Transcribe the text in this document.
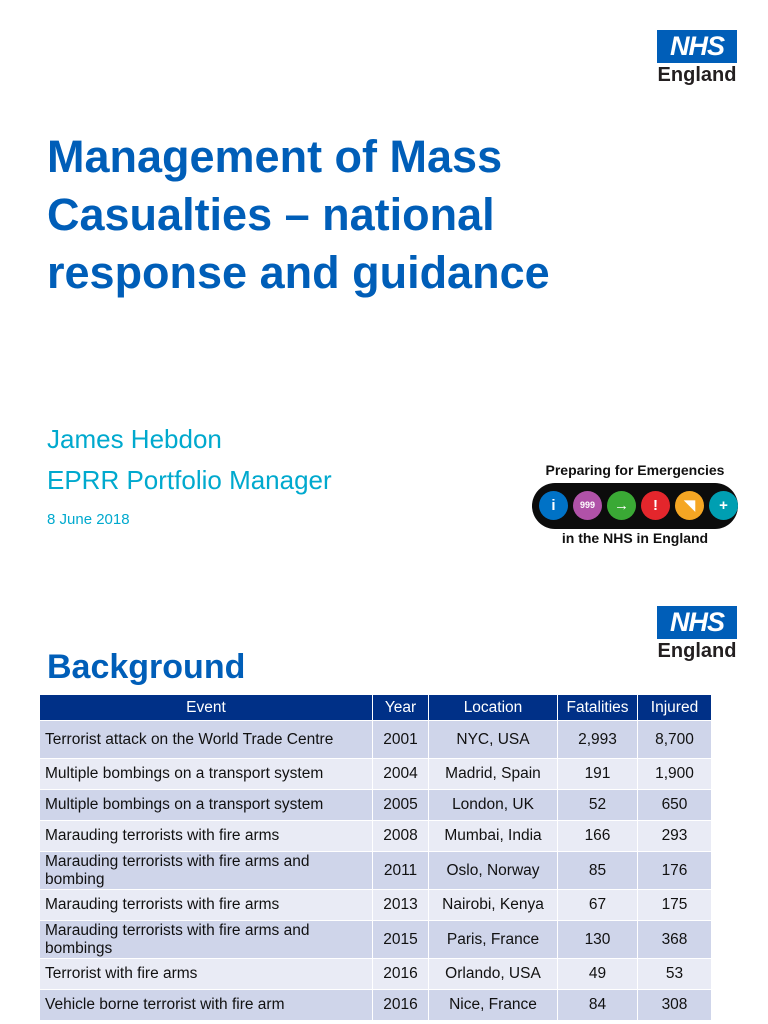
NHS
England
Management of Mass Casualties – national response and guidance

James Hebdon

EPRR Portfolio Manager

8 June 2018

Preparing for Emergencies
i	999	→	!	◥	+
in the NHS in England
NHS
England
Background
Event	Year	Location	Fatalities	Injured
Terrorist attack on the World Trade Centre	2001	NYC, USA	2,993	8,700
Multiple bombings on a transport system	2004	Madrid, Spain	191	1,900
Multiple bombings on a transport system	2005	London, UK	52	650
Marauding terrorists with fire arms	2008	Mumbai, India	166	293
Marauding terrorists with fire arms and bombing	2011	Oslo, Norway	85	176
Marauding terrorists with fire arms	2013	Nairobi, Kenya	67	175
Marauding terrorists with fire arms and bombings	2015	Paris, France	130	368
Terrorist with fire arms	2016	Orlando, USA	49	53
Vehicle borne terrorist with fire arm	2016	Nice, France	84	308
